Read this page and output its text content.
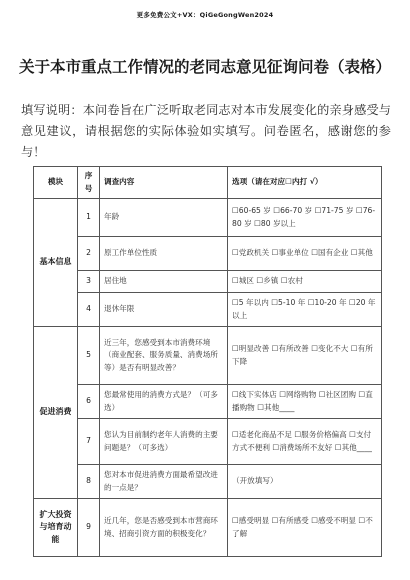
更多免费公文+VX：QiGeGongWen2024
关于本市重点工作情况的老同志意见征询问卷（表格）
填写说明：本问卷旨在广泛听取老同志对本市发展变化的亲身感受与意见建议，请根据您的实际体验如实填写。问卷匿名，感谢您的参与！
模块	序号	调查内容	选项（请在对应☐内打 √）
基本信息	1	年龄	☐60-65 岁 ☐66-70 岁 ☐71-75 岁 ☐76-80 岁 ☐80 岁以上
	2	原工作单位性质	☐党政机关 ☐事业单位 ☐国有企业 ☐其他
	3	居住地	☐城区 ☐乡镇 ☐农村
	4	退休年限	☐5 年以内 ☐5-10 年 ☐10-20 年 ☐20 年以上
促进消费	5	近三年，您感受到本市消费环境（商业配套、服务质量、消费场所等）是否有明显改善？	☐明显改善 ☐有所改善 ☐变化不大 ☐有所下降
	6	您最常使用的消费方式是？（可多选）	☐线下实体店 ☐网络购物 ☐社区团购 ☐直播购物 ☐其他____
	7	您认为目前制约老年人消费的主要问题是？（可多选）	☐适老化商品不足 ☐服务价格偏高 ☐支付方式不便利 ☐消费场所不友好 ☐其他____
	8	您对本市促进消费方面最希望改进的一点是？	（开放填写）
扩大投资与培育动能	9	近几年，您是否感受到本市营商环境、招商引资方面的积极变化？	☐感受明显 ☐有所感受 ☐感受不明显 ☐不了解
